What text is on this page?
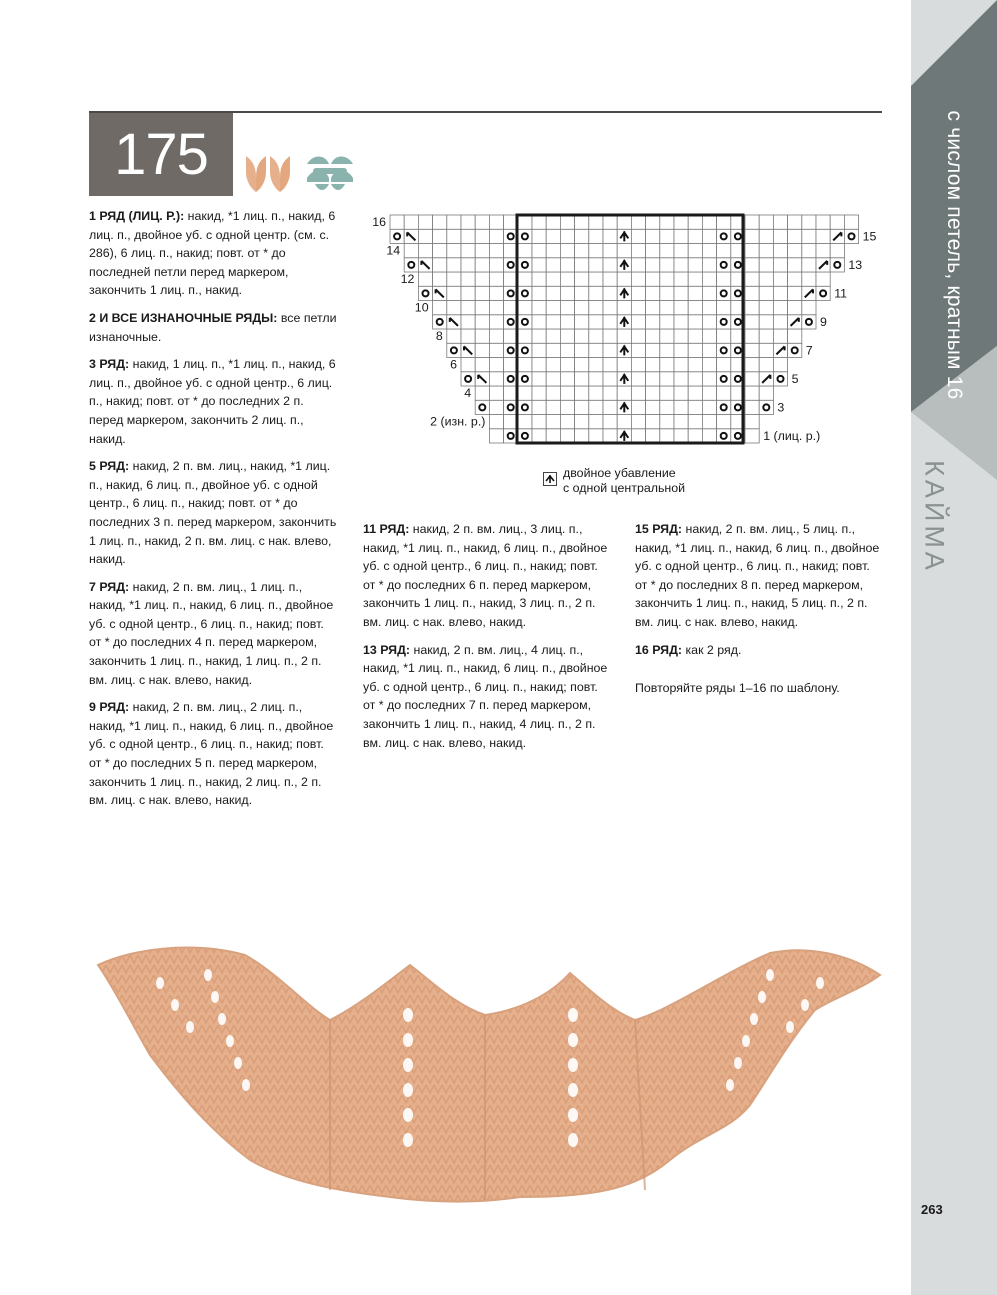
с числом петель, кратным 16
КАЙМА
175

1 РЯД (ЛИЦ. Р.): накид, *1 лиц. п., накид, 6 лиц. п., двойное уб. с одной центр. (см. с. 286), 6 лиц. п., накид; повт. от * до последней петли перед маркером, закончить 1 лиц. п., накид.

2 И ВСЕ ИЗНАНОЧНЫЕ РЯДЫ: все петли изнаночные.

3 РЯД: накид, 1 лиц. п., *1 лиц. п., накид, 6 лиц. п., двойное уб. с одной центр., 6 лиц. п., накид; повт. от * до последних 2 п. перед маркером, закончить 2 лиц. п., накид.

5 РЯД: накид, 2 п. вм. лиц., накид, *1 лиц. п., накид, 6 лиц. п., двойное уб. с одной центр., 6 лиц. п., накид; повт. от * до последних 3 п. перед маркером, закончить 1 лиц. п., накид, 2 п. вм. лиц. с нак. влево, накид.

7 РЯД: накид, 2 п. вм. лиц., 1 лиц. п., накид, *1 лиц. п., накид, 6 лиц. п., двойное уб. с одной центр., 6 лиц. п., накид; повт. от * до последних 4 п. перед маркером, закончить 1 лиц. п., накид, 1 лиц. п., 2 п. вм. лиц. с нак. влево, накид.

9 РЯД: накид, 2 п. вм. лиц., 2 лиц. п., накид, *1 лиц. п., накид, 6 лиц. п., двойное уб. с одной центр., 6 лиц. п., накид; повт. от * до последних 5 п. перед маркером, закончить 1 лиц. п., накид, 2 лиц. п., 2 п. вм. лиц. с нак. влево, накид.

11 РЯД: накид, 2 п. вм. лиц., 3 лиц. п., накид, *1 лиц. п., накид, 6 лиц. п., двойное уб. с одной центр., 6 лиц. п., накид; повт. от * до последних 6 п. перед маркером, закончить 1 лиц. п., накид, 3 лиц. п., 2 п. вм. лиц. с нак. влево, накид.

13 РЯД: накид, 2 п. вм. лиц., 4 лиц. п., накид, *1 лиц. п., накид, 6 лиц. п., двойное уб. с одной центр., 6 лиц. п., накид; повт. от * до последних 7 п. перед маркером, закончить 1 лиц. п., накид, 4 лиц. п., 2 п. вм. лиц. с нак. влево, накид.

15 РЯД: накид, 2 п. вм. лиц., 5 лиц. п., накид, *1 лиц. п., накид, 6 лиц. п., двойное уб. с одной центр., 6 лиц. п., накид; повт. от * до последних 8 п. перед маркером, закончить 1 лиц. п., накид, 5 лиц. п., 2 п. вм. лиц. с нак. влево, накид.

16 РЯД: как 2 ряд.

Повторяйте ряды 1–16 по шаблону.

16
14
12
10
8
6
4
2 (изн. р.)
15
13
11
9
7
5
3
1 (лиц. р.)
двойное убавление
с одной центральной
263
